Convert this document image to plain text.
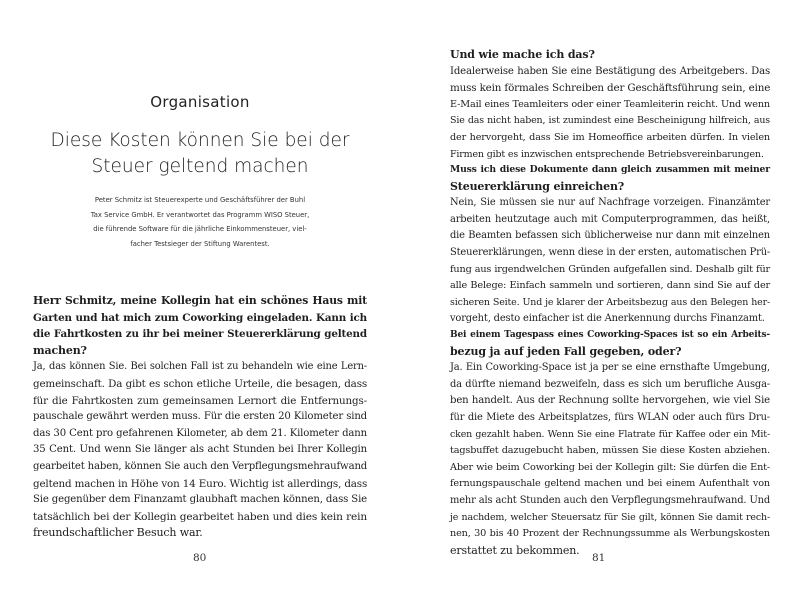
Organisation
Diese Kosten können Sie bei der
Steuer geltend machen
Peter Schmitz ist Steuerexperte und Geschäftsführer der Buhl
Tax Service GmbH. Er verantwortet das Programm WISO Steuer,
die führende Software für die jährliche Einkommensteuer, viel-
facher Testsieger der Stiftung Warentest.
Herr Schmitz, meine Kollegin hat ein schönes Haus mit
Garten und hat mich zum Coworking eingeladen. Kann ich
die Fahrtkosten zu ihr bei meiner Steuererklärung geltend
machen?
Ja, das können Sie. Bei solchen Fall ist zu behandeln wie eine Lern-
gemeinschaft. Da gibt es schon etliche Urteile, die besagen, dass
für die Fahrtkosten zum gemeinsamen Lernort die Entfernungs-
pauschale gewährt werden muss. Für die ersten 20 Kilometer sind
das 30 Cent pro gefahrenen Kilometer, ab dem 21. Kilometer dann
35 Cent. Und wenn Sie länger als acht Stunden bei Ihrer Kollegin
gearbeitet haben, können Sie auch den Verpflegungsmehraufwand
geltend machen in Höhe von 14 Euro. Wichtig ist allerdings, dass
Sie gegenüber dem Finanzamt glaubhaft machen können, dass Sie
tatsächlich bei der Kollegin gearbeitet haben und dies kein rein
freundschaftlicher Besuch war.
80
Und wie mache ich das?
Idealerweise haben Sie eine Bestätigung des Arbeitgebers. Das
muss kein förmales Schreiben der Geschäftsführung sein, eine
E-Mail eines Teamleiters oder einer Teamleiterin reicht. Und wenn
Sie das nicht haben, ist zumindest eine Bescheinigung hilfreich, aus
der hervorgeht, dass Sie im Homeoffice arbeiten dürfen. In vielen
Firmen gibt es inzwischen entsprechende Betriebsvereinbarungen.
Muss ich diese Dokumente dann gleich zusammen mit meiner
Steuererklärung einreichen?
Nein, Sie müssen sie nur auf Nachfrage vorzeigen. Finanzämter
arbeiten heutzutage auch mit Computerprogrammen, das heißt,
die Beamten befassen sich üblicherweise nur dann mit einzelnen
Steuererklärungen, wenn diese in der ersten, automatischen Prü-
fung aus irgendwelchen Gründen aufgefallen sind. Deshalb gilt für
alle Belege: Einfach sammeln und sortieren, dann sind Sie auf der
sicheren Seite. Und je klarer der Arbeitsbezug aus den Belegen her-
vorgeht, desto einfacher ist die Anerkennung durchs Finanzamt.
Bei einem Tagespass eines Coworking-Spaces ist so ein Arbeits-
bezug ja auf jeden Fall gegeben, oder?
Ja. Ein Coworking-Space ist ja per se eine ernsthafte Umgebung,
da dürfte niemand bezweifeln, dass es sich um berufliche Ausga-
ben handelt. Aus der Rechnung sollte hervorgehen, wie viel Sie
für die Miete des Arbeitsplatzes, fürs WLAN oder auch fürs Dru-
cken gezahlt haben. Wenn Sie eine Flatrate für Kaffee oder ein Mit-
tagsbuffet dazugebucht haben, müssen Sie diese Kosten abziehen.
Aber wie beim Coworking bei der Kollegin gilt: Sie dürfen die Ent-
fernungspauschale geltend machen und bei einem Aufenthalt von
mehr als acht Stunden auch den Verpflegungsmehraufwand. Und
je nachdem, welcher Steuersatz für Sie gilt, können Sie damit rech-
nen, 30 bis 40 Prozent der Rechnungssumme als Werbungskosten
erstattet zu bekommen.
81
